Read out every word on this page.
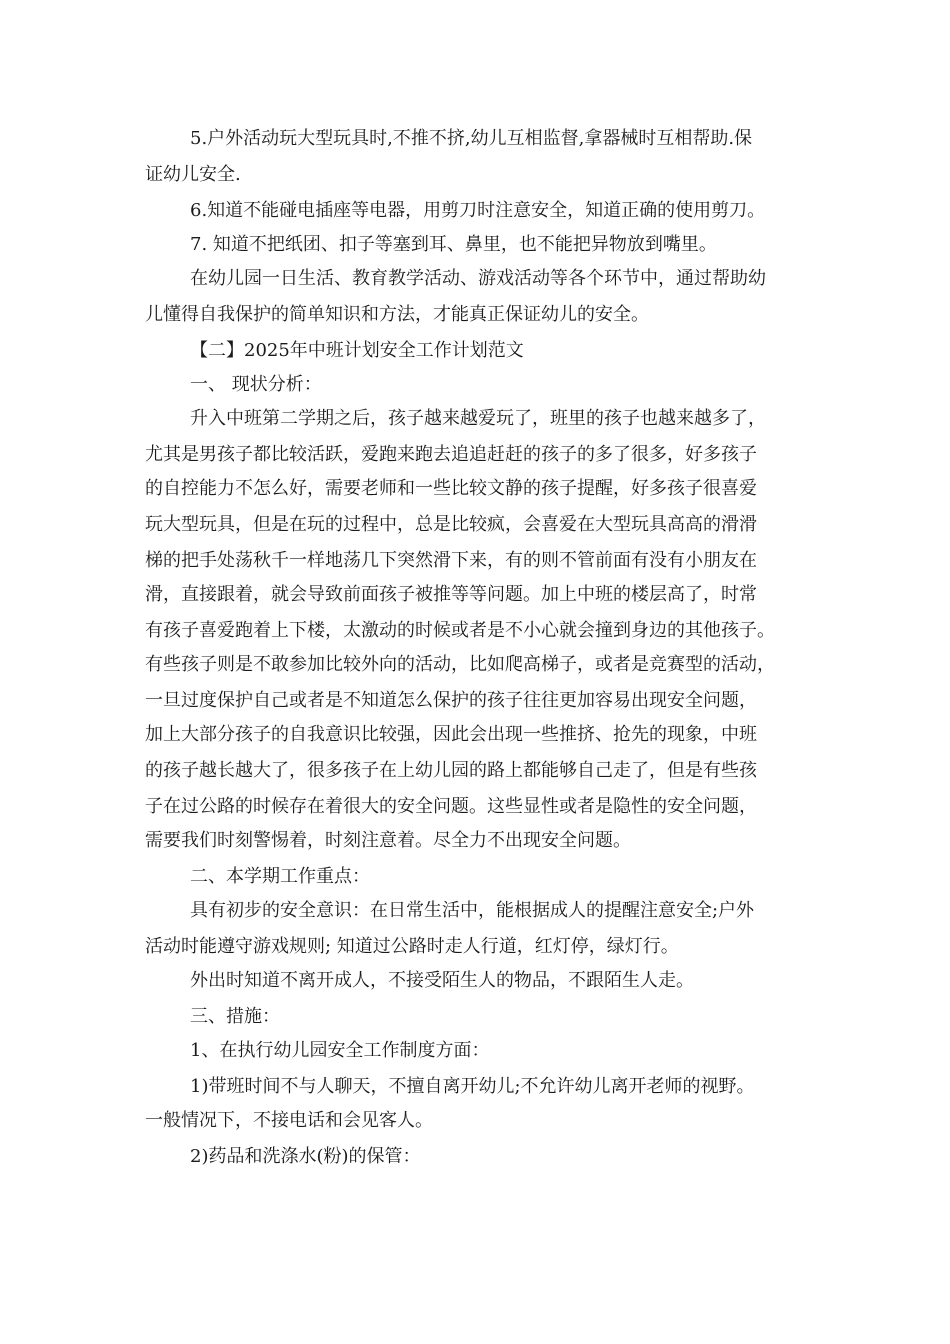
5.户外活动玩大型玩具时,不推不挤,幼儿互相监督,拿器械时互相帮助.保
证幼儿安全.
6.知道不能碰电插座等电器，用剪刀时注意安全，知道正确的使用剪刀。
7. 知道不把纸团、扣子等塞到耳、鼻里，也不能把异物放到嘴里。
在幼儿园一日生活、教育教学活动、游戏活动等各个环节中，通过帮助幼
儿懂得自我保护的简单知识和方法，才能真正保证幼儿的安全。
【二】2025年中班计划安全工作计划范文
一、 现状分析：
升入中班第二学期之后，孩子越来越爱玩了，班里的孩子也越来越多了，
尤其是男孩子都比较活跃，爱跑来跑去追追赶赶的孩子的多了很多，好多孩子
的自控能力不怎么好，需要老师和一些比较文静的孩子提醒，好多孩子很喜爱
玩大型玩具，但是在玩的过程中，总是比较疯，会喜爱在大型玩具高高的滑滑
梯的把手处荡秋千一样地荡几下突然滑下来，有的则不管前面有没有小朋友在
滑，直接跟着，就会导致前面孩子被推等等问题。加上中班的楼层高了，时常
有孩子喜爱跑着上下楼，太激动的时候或者是不小心就会撞到身边的其他孩子。
有些孩子则是不敢参加比较外向的活动，比如爬高梯子，或者是竞赛型的活动，
一旦过度保护自己或者是不知道怎么保护的孩子往往更加容易出现安全问题，
加上大部分孩子的自我意识比较强，因此会出现一些推挤、抢先的现象，中班
的孩子越长越大了，很多孩子在上幼儿园的路上都能够自己走了，但是有些孩
子在过公路的时候存在着很大的安全问题。这些显性或者是隐性的安全问题，
需要我们时刻警惕着，时刻注意着。尽全力不出现安全问题。
二、本学期工作重点：
具有初步的安全意识：在日常生活中，能根据成人的提醒注意安全;户外
活动时能遵守游戏规则; 知道过公路时走人行道，红灯停，绿灯行。
外出时知道不离开成人，不接受陌生人的物品，不跟陌生人走。
三、措施：
1、在执行幼儿园安全工作制度方面：
1)带班时间不与人聊天，不擅自离开幼儿;不允许幼儿离开老师的视野。
一般情况下，不接电话和会见客人。
2)药品和洗涤水(粉)的保管：
